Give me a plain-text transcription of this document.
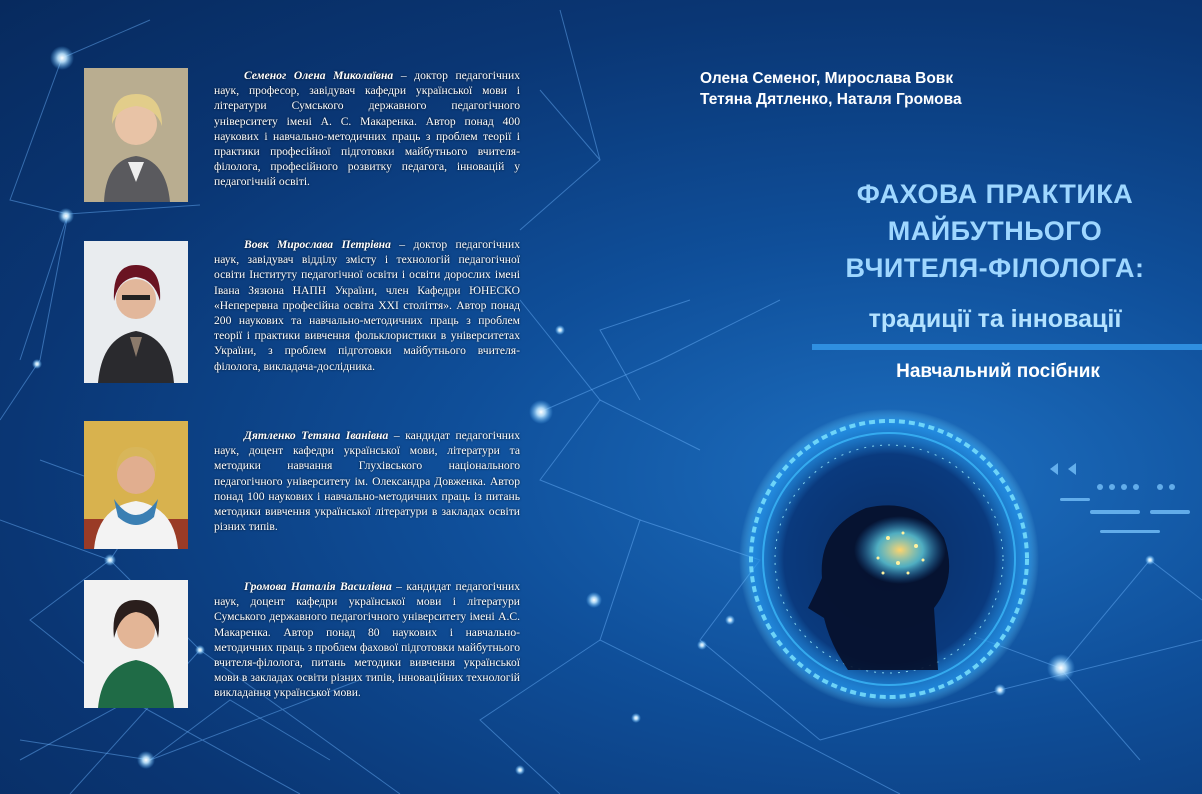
Семеног Олена Миколаївна – доктор педагогічних наук, професор, завідувач кафедри української мови і літератури Сумського державного педагогічного університету імені А. С. Макаренка. Автор понад 400 наукових і навчально-методичних праць з проблем теорії і практики професійної підготовки майбутнього вчителя-філолога, професійного розвитку педагога, інновацій у педагогічній освіті.
Вовк Мирослава Петрівна – доктор педагогічних наук, завідувач відділу змісту і технологій педагогічної освіти Інституту педагогічної освіти і освіти дорослих імені Івана Зязюна НАПН України, член Кафедри ЮНЕСКО «Неперервна професійна освіта XXI століття». Автор понад 200 наукових та навчально-методичних праць з проблем теорії і практики вивчення фольклористики в університетах України, з проблем підготовки майбутнього вчителя-філолога, викладача-дослідника.
Дятленко Тетяна Іванівна – кандидат педагогічних наук, доцент кафедри української мови, літератури та методики навчання Глухівського національного педагогічного університету ім. Олександра Довженка. Автор понад 100 наукових і навчально-методичних праць із питань методики вивчення української літератури в закладах освіти різних типів.
Громова Наталія Василівна – кандидат педагогічних наук, доцент кафедри української мови і літератури Сумського державного педагогічного університету імені А.С. Макаренка. Автор понад 80 наукових і навчально-методичних праць з проблем фахової підготовки майбутнього вчителя-філолога, питань методики вивчення української мови в закладах освіти різних типів, інноваційних технологій викладання української мови.
Олена Семеног, Мирослава Вовк
Тетяна Дятленко, Наталя Громова
ФАХОВА ПРАКТИКА
МАЙБУТНЬОГО
ВЧИТЕЛЯ-ФІЛОЛОГА:
традиції та інновації
Навчальний посібник
